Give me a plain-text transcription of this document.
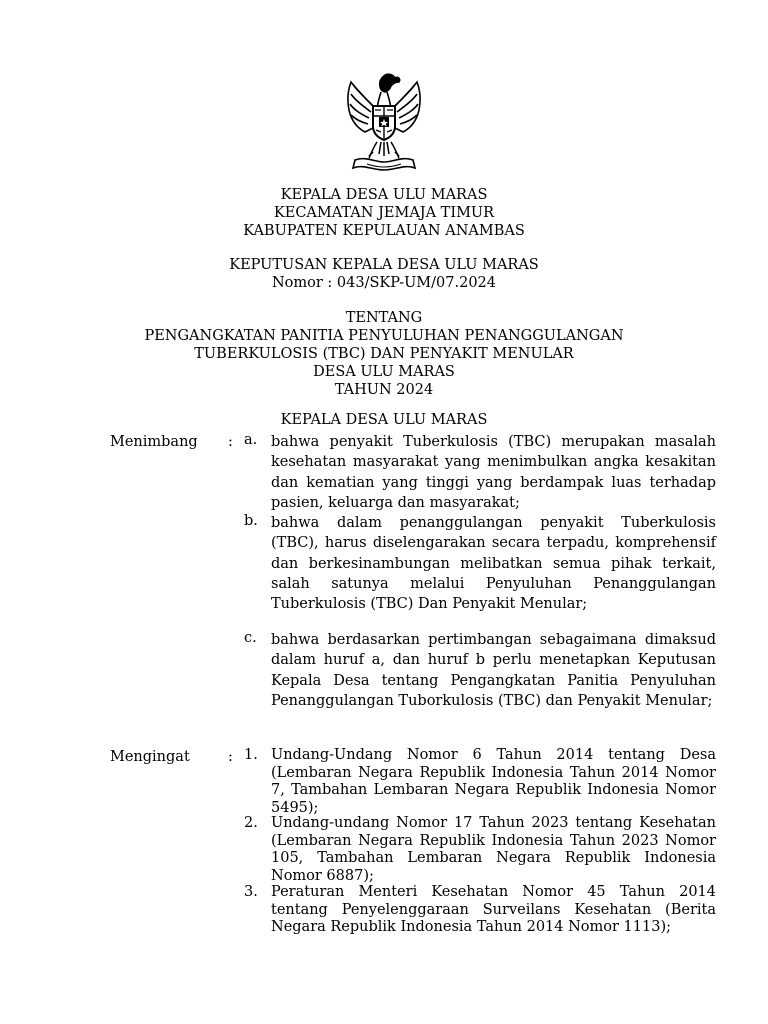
KEPALA DESA ULU MARAS
KECAMATAN JEMAJA TIMUR
KABUPATEN KEPULAUAN ANAMBAS
KEPUTUSAN KEPALA DESA ULU MARAS
Nomor : 043/SKP-UM/07.2024
TENTANG
PENGANGKATAN PANITIA PENYULUHAN PENANGGULANGAN
TUBERKULOSIS (TBC) DAN PENYAKIT MENULAR
DESA ULU MARAS
TAHUN 2024
KEPALA DESA ULU MARAS
Menimbang : a. bahwa penyakit Tuberkulosis (TBC) merupakan masalah kesehatan masyarakat yang menimbulkan angka kesakitan dan kematian yang tinggi yang berdampak luas terhadap pasien, keluarga dan masyarakat;
b. bahwa dalam penanggulangan penyakit Tuberkulosis (TBC), harus diselengarakan secara terpadu, komprehensif dan berkesinambungan melibatkan semua pihak terkait, salah satunya melalui Penyuluhan Penanggulangan Tuberkulosis (TBC) Dan Penyakit Menular;
c. bahwa berdasarkan pertimbangan sebagaimana dimaksud dalam huruf a, dan huruf b perlu menetapkan Keputusan Kepala Desa tentang Pengangkatan Panitia Penyuluhan Penanggulangan Tuborkulosis (TBC) dan Penyakit Menular;
Mengingat	: 1. Undang-Undang Nomor 6 Tahun 2014 tentang Desa (Lembaran Negara Republik Indonesia Tahun 2014 Nomor 7, Tambahan Lembaran Negara Republik Indonesia Nomor 5495);
2. Undang-undang Nomor 17 Tahun 2023 tentang Kesehatan (Lembaran Negara Republik Indonesia Tahun 2023 Nomor 105, Tambahan Lembaran Negara Republik Indonesia Nomor 6887);
3. Peraturan Menteri Kesehatan Nomor 45 Tahun 2014 tentang Penyelenggaraan Surveilans Kesehatan (Berita Negara Republik Indonesia Tahun 2014 Nomor 1113);
